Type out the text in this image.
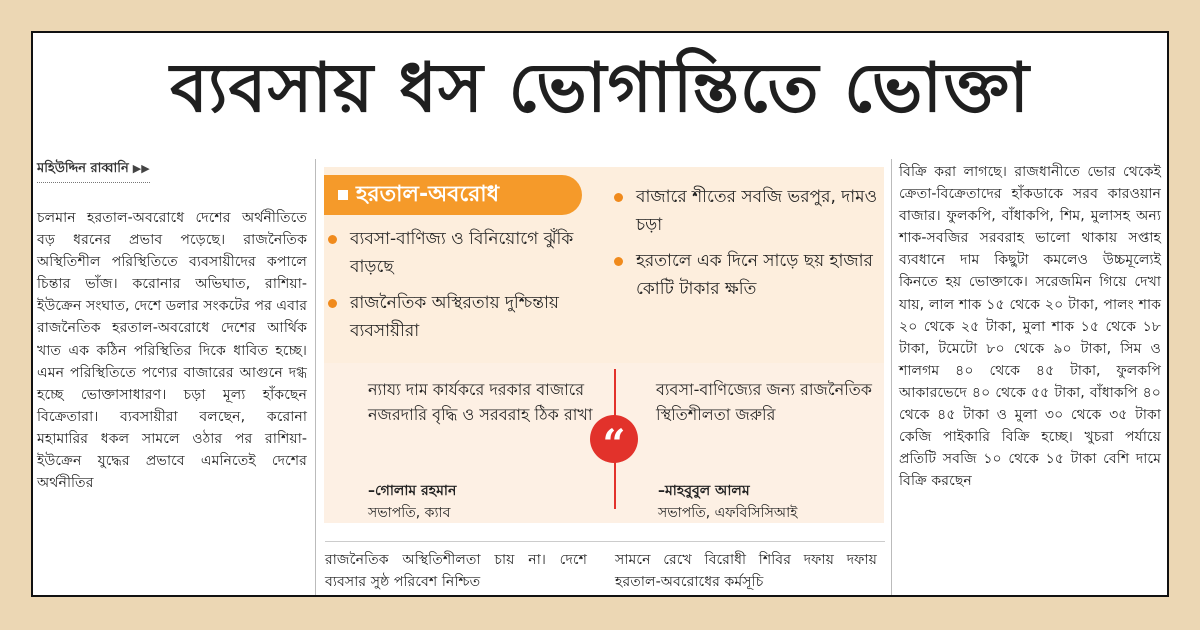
ব্যবসায় ধস ভোগান্তিতে ভোক্তা
মহিউদ্দিন রাব্বানি ▶▶
চলমান হরতাল-অবরোধে দেশের অর্থনীতিতে বড় ধরনের প্রভাব পড়েছে। রাজনৈতিক অস্থিতিশীল পরিস্থিতিতে ব্যবসায়ীদের কপালে চিন্তার ভাঁজ। করোনার অভিঘাত, রাশিয়া-ইউক্রেন সংঘাত, দেশে ডলার সংকটের পর এবার রাজনৈতিক হরতাল-অবরোধে দেশের আর্থিক খাত এক কঠিন পরিস্থিতির দিকে ধাবিত হচ্ছে। এমন পরিস্থিতিতে পণ্যের বাজারের আগুনে দগ্ধ হচ্ছে ভোক্তাসাধারণ। চড়া মূল্য হাঁকছেন বিক্রেতারা। ব্যবসায়ীরা বলছেন, করোনা মহামারির ধকল সামলে ওঠার পর রাশিয়া-ইউক্রেন যুদ্ধের প্রভাবে এমনিতেই দেশের অর্থনীতির
হরতাল-অবরোধ
ব্যবসা-বাণিজ্য ও বিনিয়োগে ঝুঁকি বাড়ছে
রাজনৈতিক অস্থিরতায় দুশ্চিন্তায় ব্যবসায়ীরা
বাজারে শীতের সবজি ভরপুর, দামও চড়া
হরতালে এক দিনে সাড়ে ছয় হাজার কোটি টাকার ক্ষতি
ন্যায্য দাম কার্যকরে দরকার বাজারে নজরদারি বৃদ্ধি ও সরবরাহ ঠিক রাখা
–গোলাম রহমান
সভাপতি, ক্যাব
“
ব্যবসা-বাণিজ্যের জন্য রাজনৈতিক স্থিতিশীলতা জরুরি
–মাহবুবুল আলম
সভাপতি, এফবিসিসিআই
রাজনৈতিক অস্থিতিশীলতা চায় না। দেশে ব্যবসার সুষ্ঠ পরিবেশ নিশ্চিত
সামনে রেখে বিরোধী শিবির দফায় দফায় হরতাল-অবরোধের কর্মসূচি
বিক্রি করা লাগছে। রাজধানীতে ভোর থেকেই ক্রেতা-বিক্রেতাদের হাঁকডাকে সরব কারওয়ান বাজার। ফুলকপি, বাঁধাকপি, শিম, মুলাসহ অন্য শাক-সবজির সরবরাহ ভালো থাকায় সপ্তাহ ব্যবধানে দাম কিছুটা কমলেও উচ্চমূল্যেই কিনতে হয় ভোক্তাকে। সরেজমিন গিয়ে দেখা যায়, লাল শাক ১৫ থেকে ২০ টাকা, পালং শাক ২০ থেকে ২৫ টাকা, মুলা শাক ১৫ থেকে ১৮ টাকা, টমেটো ৮০ থেকে ৯০ টাকা, সিম ও শালগম ৪০ থেকে ৪৫ টাকা, ফুলকপি আকারভেদে ৪০ থেকে ৫৫ টাকা, বাঁধাকপি ৪০ থেকে ৪৫ টাকা ও মুলা ৩০ থেকে ৩৫ টাকা কেজি পাইকারি বিক্রি হচ্ছে। খুচরা পর্যায়ে প্রতিটি সবজি ১০ থেকে ১৫ টাকা বেশি দামে বিক্রি করছেন
